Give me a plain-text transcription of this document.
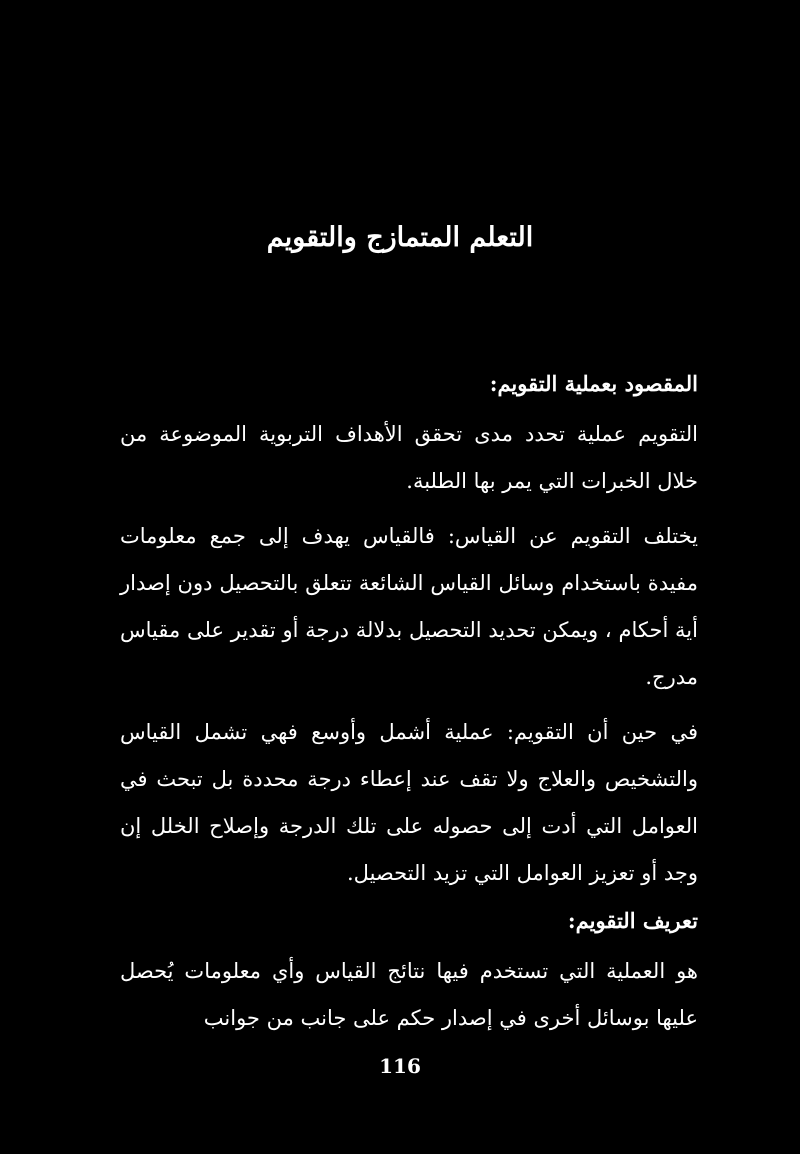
التعلم المتمازج والتقويم

المقصود بعملية التقويم:

التقويم عملية تحدد مدى تحقق الأهداف التربوية الموضوعة من خلال الخبرات التي يمر بها الطلبة.

يختلف التقويم عن القياس: فالقياس يهدف إلى جمع معلومات مفيدة باستخدام وسائل القياس الشائعة تتعلق بالتحصيل دون إصدار أية أحكام ، ويمكن تحديد التحصيل بدلالة درجة أو تقدير على مقياس مدرج.

في حين أن التقويم: عملية أشمل وأوسع فهي تشمل القياس والتشخيص والعلاج ولا تقف عند إعطاء درجة محددة بل تبحث في العوامل التي أدت إلى حصوله على تلك الدرجة وإصلاح الخلل إن وجد أو تعزيز العوامل التي تزيد التحصيل.

تعريف التقويم:

هو العملية التي تستخدم فيها نتائج القياس وأي معلومات يُحصل عليها بوسائل أخرى في إصدار حكم على جانب من جوانب

116
